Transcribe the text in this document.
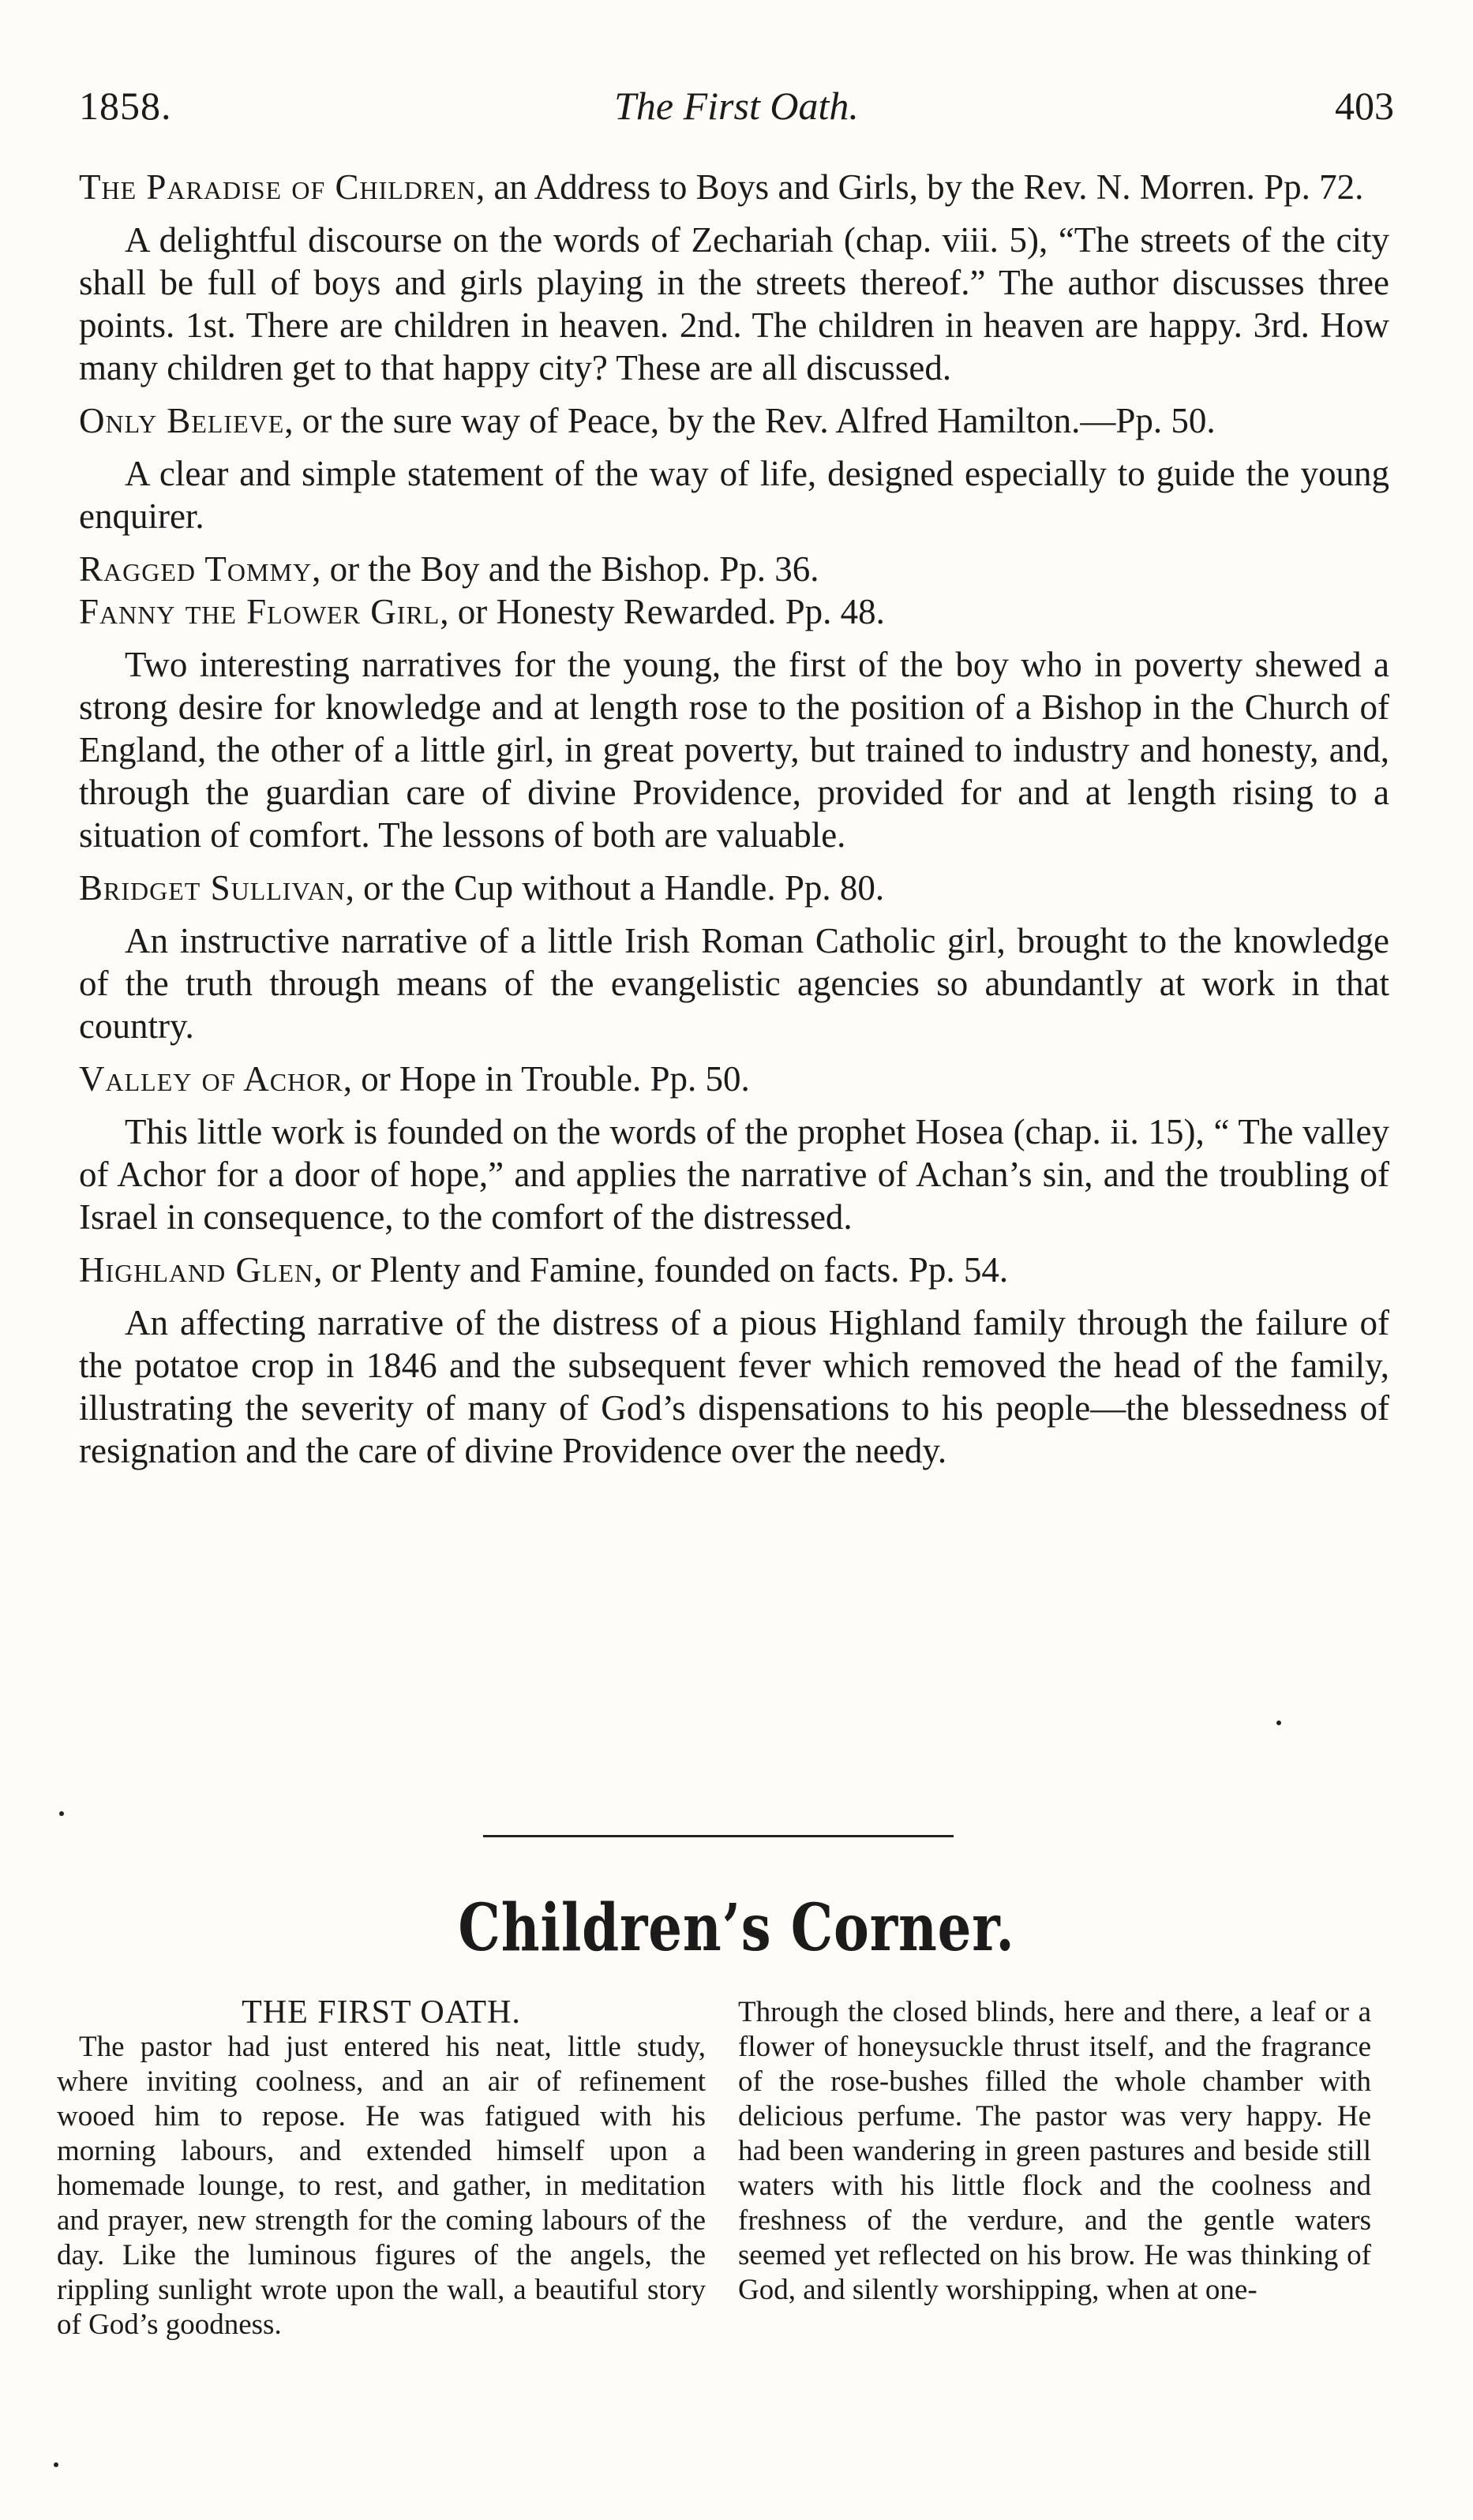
1858.	The First Oath.	403

The Paradise of Children, an Address to Boys and Girls, by the Rev. N. Morren. Pp. 72.

A delightful discourse on the words of Zechariah (chap. viii. 5), “The streets of the city shall be full of boys and girls playing in the streets thereof.” The author discusses three points. 1st. There are children in heaven. 2nd. The children in heaven are happy. 3rd. How many children get to that happy city? These are all discussed.

Only Believe, or the sure way of Peace, by the Rev. Alfred Hamilton.—Pp. 50.

A clear and simple statement of the way of life, designed especially to guide the young enquirer.

Ragged Tommy, or the Boy and the Bishop. Pp. 36.

Fanny the Flower Girl, or Honesty Rewarded. Pp. 48.

Two interesting narratives for the young, the first of the boy who in poverty shewed a strong desire for knowledge and at length rose to the position of a Bishop in the Church of England, the other of a little girl, in great poverty, but trained to industry and honesty, and, through the guardian care of divine Providence, provided for and at length rising to a situation of comfort. The lessons of both are valuable.

Bridget Sullivan, or the Cup without a Handle. Pp. 80.

An instructive narrative of a little Irish Roman Catholic girl, brought to the knowledge of the truth through means of the evangelistic agencies so abundantly at work in that country.

Valley of Achor, or Hope in Trouble. Pp. 50.

This little work is founded on the words of the prophet Hosea (chap. ii. 15), “ The valley of Achor for a door of hope,” and applies the narrative of Achan’s sin, and the troubling of Israel in consequence, to the comfort of the distressed.

Highland Glen, or Plenty and Famine, founded on facts. Pp. 54.

An affecting narrative of the distress of a pious Highland family through the failure of the potatoe crop in 1846 and the subsequent fever which removed the head of the family, illustrating the severity of many of God’s dispensations to his people—the blessedness of resignation and the care of divine Providence over the needy.

Children’s Corner.
THE FIRST OATH.

The pastor had just entered his neat, little study, where inviting coolness, and an air of refinement wooed him to repose. He was fatigued with his morning labours, and extended himself upon a homemade lounge, to rest, and gather, in meditation and prayer, new strength for the coming labours of the day. Like the luminous figures of the angels, the rippling sunlight wrote upon the wall, a beautiful story of God’s goodness.

Through the closed blinds, here and there, a leaf or a flower of honeysuckle thrust itself, and the fragrance of the rose-bushes filled the whole chamber with delicious perfume. The pastor was very happy. He had been wandering in green pastures and beside still waters with his little flock and the coolness and freshness of the verdure, and the gentle waters seemed yet reflected on his brow. He was thinking of God, and silently worshipping, when at one-
